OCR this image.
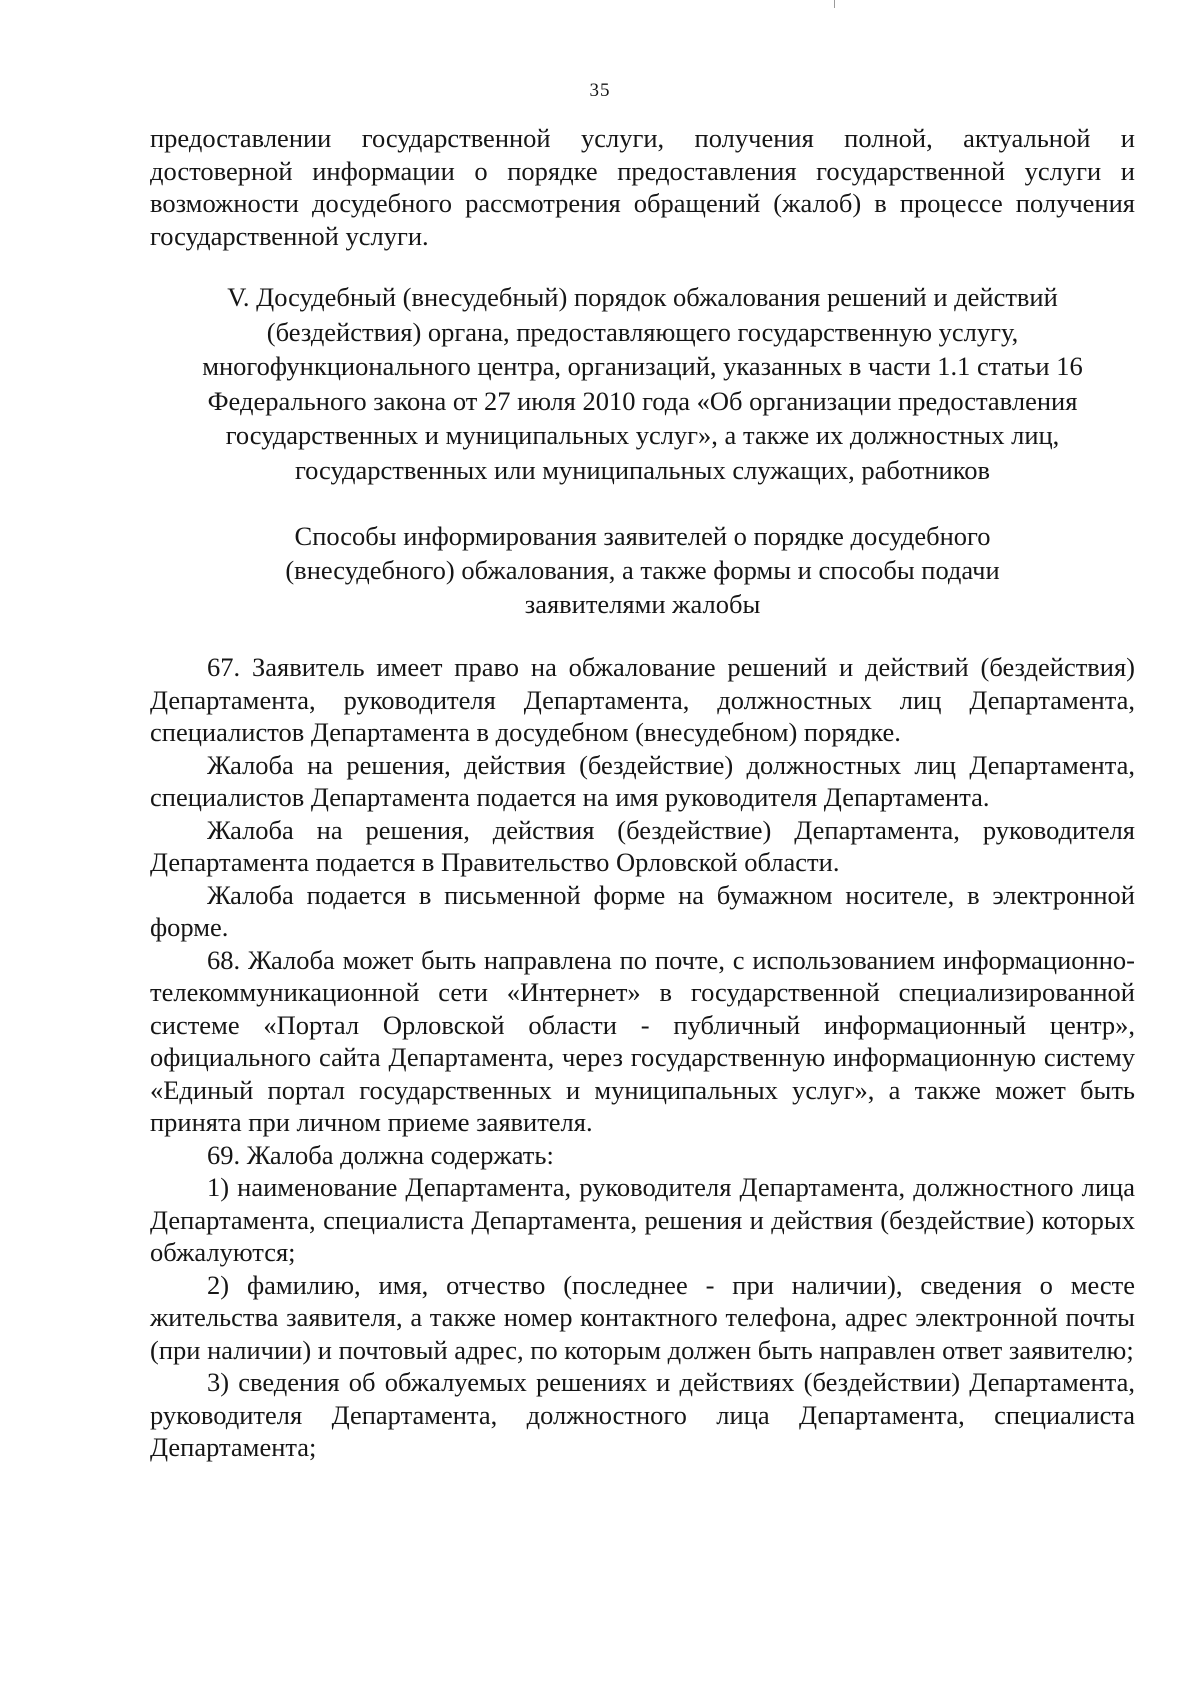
35

предоставлении государственной услуги, получения полной, актуальной и достоверной информации о порядке предоставления государственной услуги и возможности досудебного рассмотрения обращений (жалоб) в процессе получения государственной услуги.

V. Досудебный (внесудебный) порядок обжалования решений и действий (бездействия) органа, предоставляющего государственную услугу, многофункционального центра, организаций, указанных в части 1.1 статьи 16 Федерального закона от 27 июля 2010 года «Об организации предоставления государственных и муниципальных услуг», а также их должностных лиц, государственных или муниципальных служащих, работников

Способы информирования заявителей о порядке досудебного (внесудебного) обжалования, а также формы и способы подачи заявителями жалобы

67. Заявитель имеет право на обжалование решений и действий (бездействия) Департамента, руководителя Департамента, должностных лиц Департамента, специалистов Департамента в досудебном (внесудебном) порядке.

Жалоба на решения, действия (бездействие) должностных лиц Департамента, специалистов Департамента подается на имя руководителя Департамента.

Жалоба на решения, действия (бездействие) Департамента, руководителя Департамента подается в Правительство Орловской области.

Жалоба подается в письменной форме на бумажном носителе, в электронной форме.

68. Жалоба может быть направлена по почте, с использованием информационно-телекоммуникационной сети «Интернет» в государственной специализированной системе «Портал Орловской области - публичный информационный центр», официального сайта Департамента, через государственную информационную систему «Единый портал государственных и муниципальных услуг», а также может быть принята при личном приеме заявителя.

69. Жалоба должна содержать:

1) наименование Департамента, руководителя Департамента, должностного лица Департамента, специалиста Департамента, решения и действия (бездействие) которых обжалуются;

2) фамилию, имя, отчество (последнее - при наличии), сведения о месте жительства заявителя, а также номер контактного телефона, адрес электронной почты (при наличии) и почтовый адрес, по которым должен быть направлен ответ заявителю;

3) сведения об обжалуемых решениях и действиях (бездействии) Департамента, руководителя Департамента, должностного лица Департамента, специалиста Департамента;
